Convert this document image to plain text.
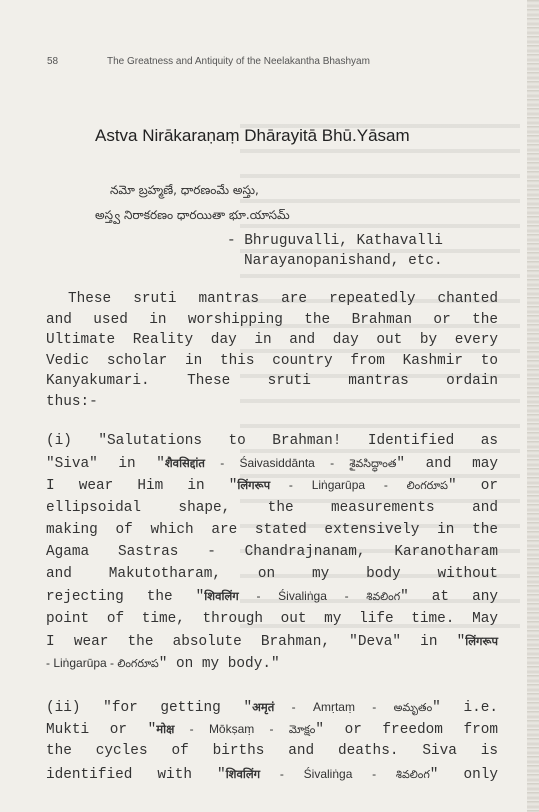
58	The Greatness and Antiquity of the Neelakantha Bhashyam
Astva Nirākaraṇaṃ Dhārayitā Bhū.Yāsam
నమో బ్రహ్మణే, ధారణంమే అస్తు,
అస్త్వ నిరాకరణం ధారయితా భూ.యాసమ్
- Bhruguvalli, Kathavalli
Narayanopanishand, etc.
These sruti mantras are repeatedly chanted
and used in worshipping the Brahman or the
Ultimate Reality day in and day out by every
Vedic scholar in this country from Kashmir to
Kanyakumari. These sruti mantras ordain
thus:-
(i) "Salutations to Brahman! Identified as
"Siva" in "शैवसिद्दांत - Śaivasiddānta - శైవసిద్ధాంత" and may
I wear Him in "लिंगरूप - Liṅgarūpa - లింగరూప" or
ellipsoidal shape, the measurements and
making of which are stated extensively in the
Agama Sastras - Chandrajnanam, Karanotharam
and Makutotharam, on my body without
rejecting the "शिवलिंग - Śivaliṅga - శివలింగ" at any
point of time, through out my life time. May
I wear the absolute Brahman, "Deva" in "लिंगरूप
- Liṅgarūpa - లింగరూప" on my body."
(ii) "for getting "अमृतं - Amṛtaṃ - అమృతం" i.e.
Mukti or "मोक्ष - Mōkṣaṃ - మోక్షం" or freedom from
the cycles of births and deaths. Siva is
identified with "शिवलिंग - Śivaliṅga - శివలింగ" only
